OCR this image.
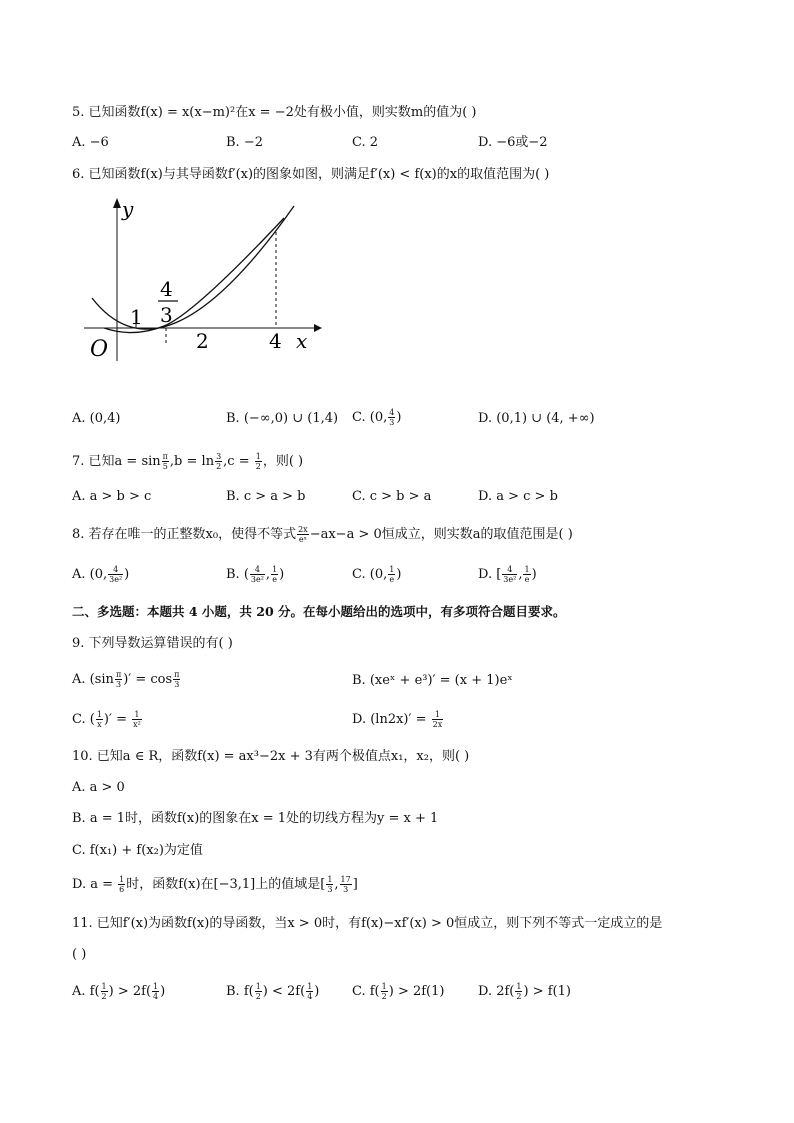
5. 已知函数f(x) = x(x−m)²在x = −2处有极小值，则实数m的值为( )
A. −6	B. −2	C. 2	D. −6或−2
6. 已知函数f(x)与其导函数f′(x)的图象如图，则满足f′(x) < f(x)的x的取值范围为( )
y
x
O
1
4
3
2	4
A. (0,4)	B. (−∞,0) ∪ (1,4) C. (0, $\frac{4}{3}$ )	D. (0,1) ∪ (4, +∞)
7. 已知$a = \sin \frac{\pi}{5} ,b = \ln \frac{3}{2} ,c = \frac{1}{2}$ ，则( )
A. a > b > c	B. c > a > b	C. c > b > a	D. a > c > b
8. 若存在唯一的正整数x₀，使得不等式 $\frac{2x}{\text{eˣ}} -ax-a > 0$恒成立，则实数a的取值范围是( )
A. (0, $\frac{4}{\text{3e²}}$ )	B. ( $\frac{4}{\text{3e²}}$ , $\frac{1}{e}$ )	C. (0, $\frac{1}{e}$ )	D. [ $\frac{4}{\text{3e²}}$ , $\frac{1}{e}$ )
二、多选题：本题共 4 小题，共 20 分。在每小题给出的选项中，有多项符合题目要求。
9. 下列导数运算错误的有( )
A. ($\sin \frac{\pi}{3}$ )′ = $\cos \frac{\pi}{3}$	B. (xeˣ + e³)′ = (x + 1)eˣ
C. ( $\frac{1}{x}$ )′ = $\frac{1}{\text{x²}}$	D. $(\ln 2x)' = \frac{1}{2x}$
10. 已知a ∈ R，函数f(x) = ax³−2x + 3有两个极值点x₁，x₂，则( )
A. a > 0
B. a = 1时，函数f(x)的图象在x = 1处的切线方程为y = x + 1
C. f(x₁) + f(x₂)为定值
D. $a = \frac{1}{6}$ 时，函数f(x)在[−3,1]上的值域是[ $\frac{1}{3}$ , $\frac{17}{3}$ ]
11. 已知f′(x)为函数f(x)的导函数，当x > 0时，有f(x)−xf′(x) > 0恒成立，则下列不等式一定成立的是
( )
A. $f( \frac{1}{2}$ ) > $2f( \frac{1}{4}$ )	B. $f( \frac{1}{2}$ ) < $2f( \frac{1}{4}$ )	C. $f( \frac{1}{2}$ ) > 2f(1)	D. $2f( \frac{1}{2}$ ) > f(1)
